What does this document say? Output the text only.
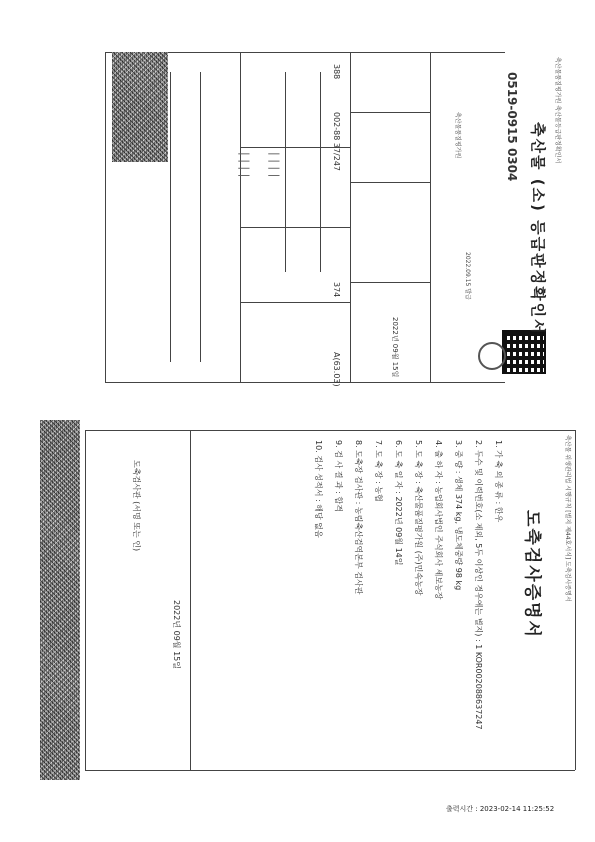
축산물 (소) 등급판정확인서
0519-0915 0304	축산물품질평가원 축산물등급판정확인서
002-88 37/247
A(63.03)
374
388
2022년 09월 15일
2022.09.15 발급
축산물품질평가원
| | | |
| | | |
도축검사증명서	축산물 위생관리법 시행규칙 [별지 제44호서식] 도축검사증명서
1. 가 축 의 종 류 : 한우
2. 두수 및 이력번호(소 제외, 5두 이상인 경우에는 별지) : 1 KOR002088637247
3. 중 량 : 생체 374 kg, 냉도체중량 98 kg
4. 출 하 자 : 농업회사법인 주식회사 세보농장
5. 도 축 장 : 축산물품질평가원 (주)민속농장
6. 도 축 일 자 : 2022년 09월 14일
7. 도 축 장 : 농협
8. 도축장 검사관 : 농림축산검역본부 검사관
9. 검 사 결 과 : 합격
10. 검사 성적서 : 해당 없음
2022년 09월 15일
도축검사관 (서명 또는 인)
출력시간 : 2023-02-14 11:25:52
